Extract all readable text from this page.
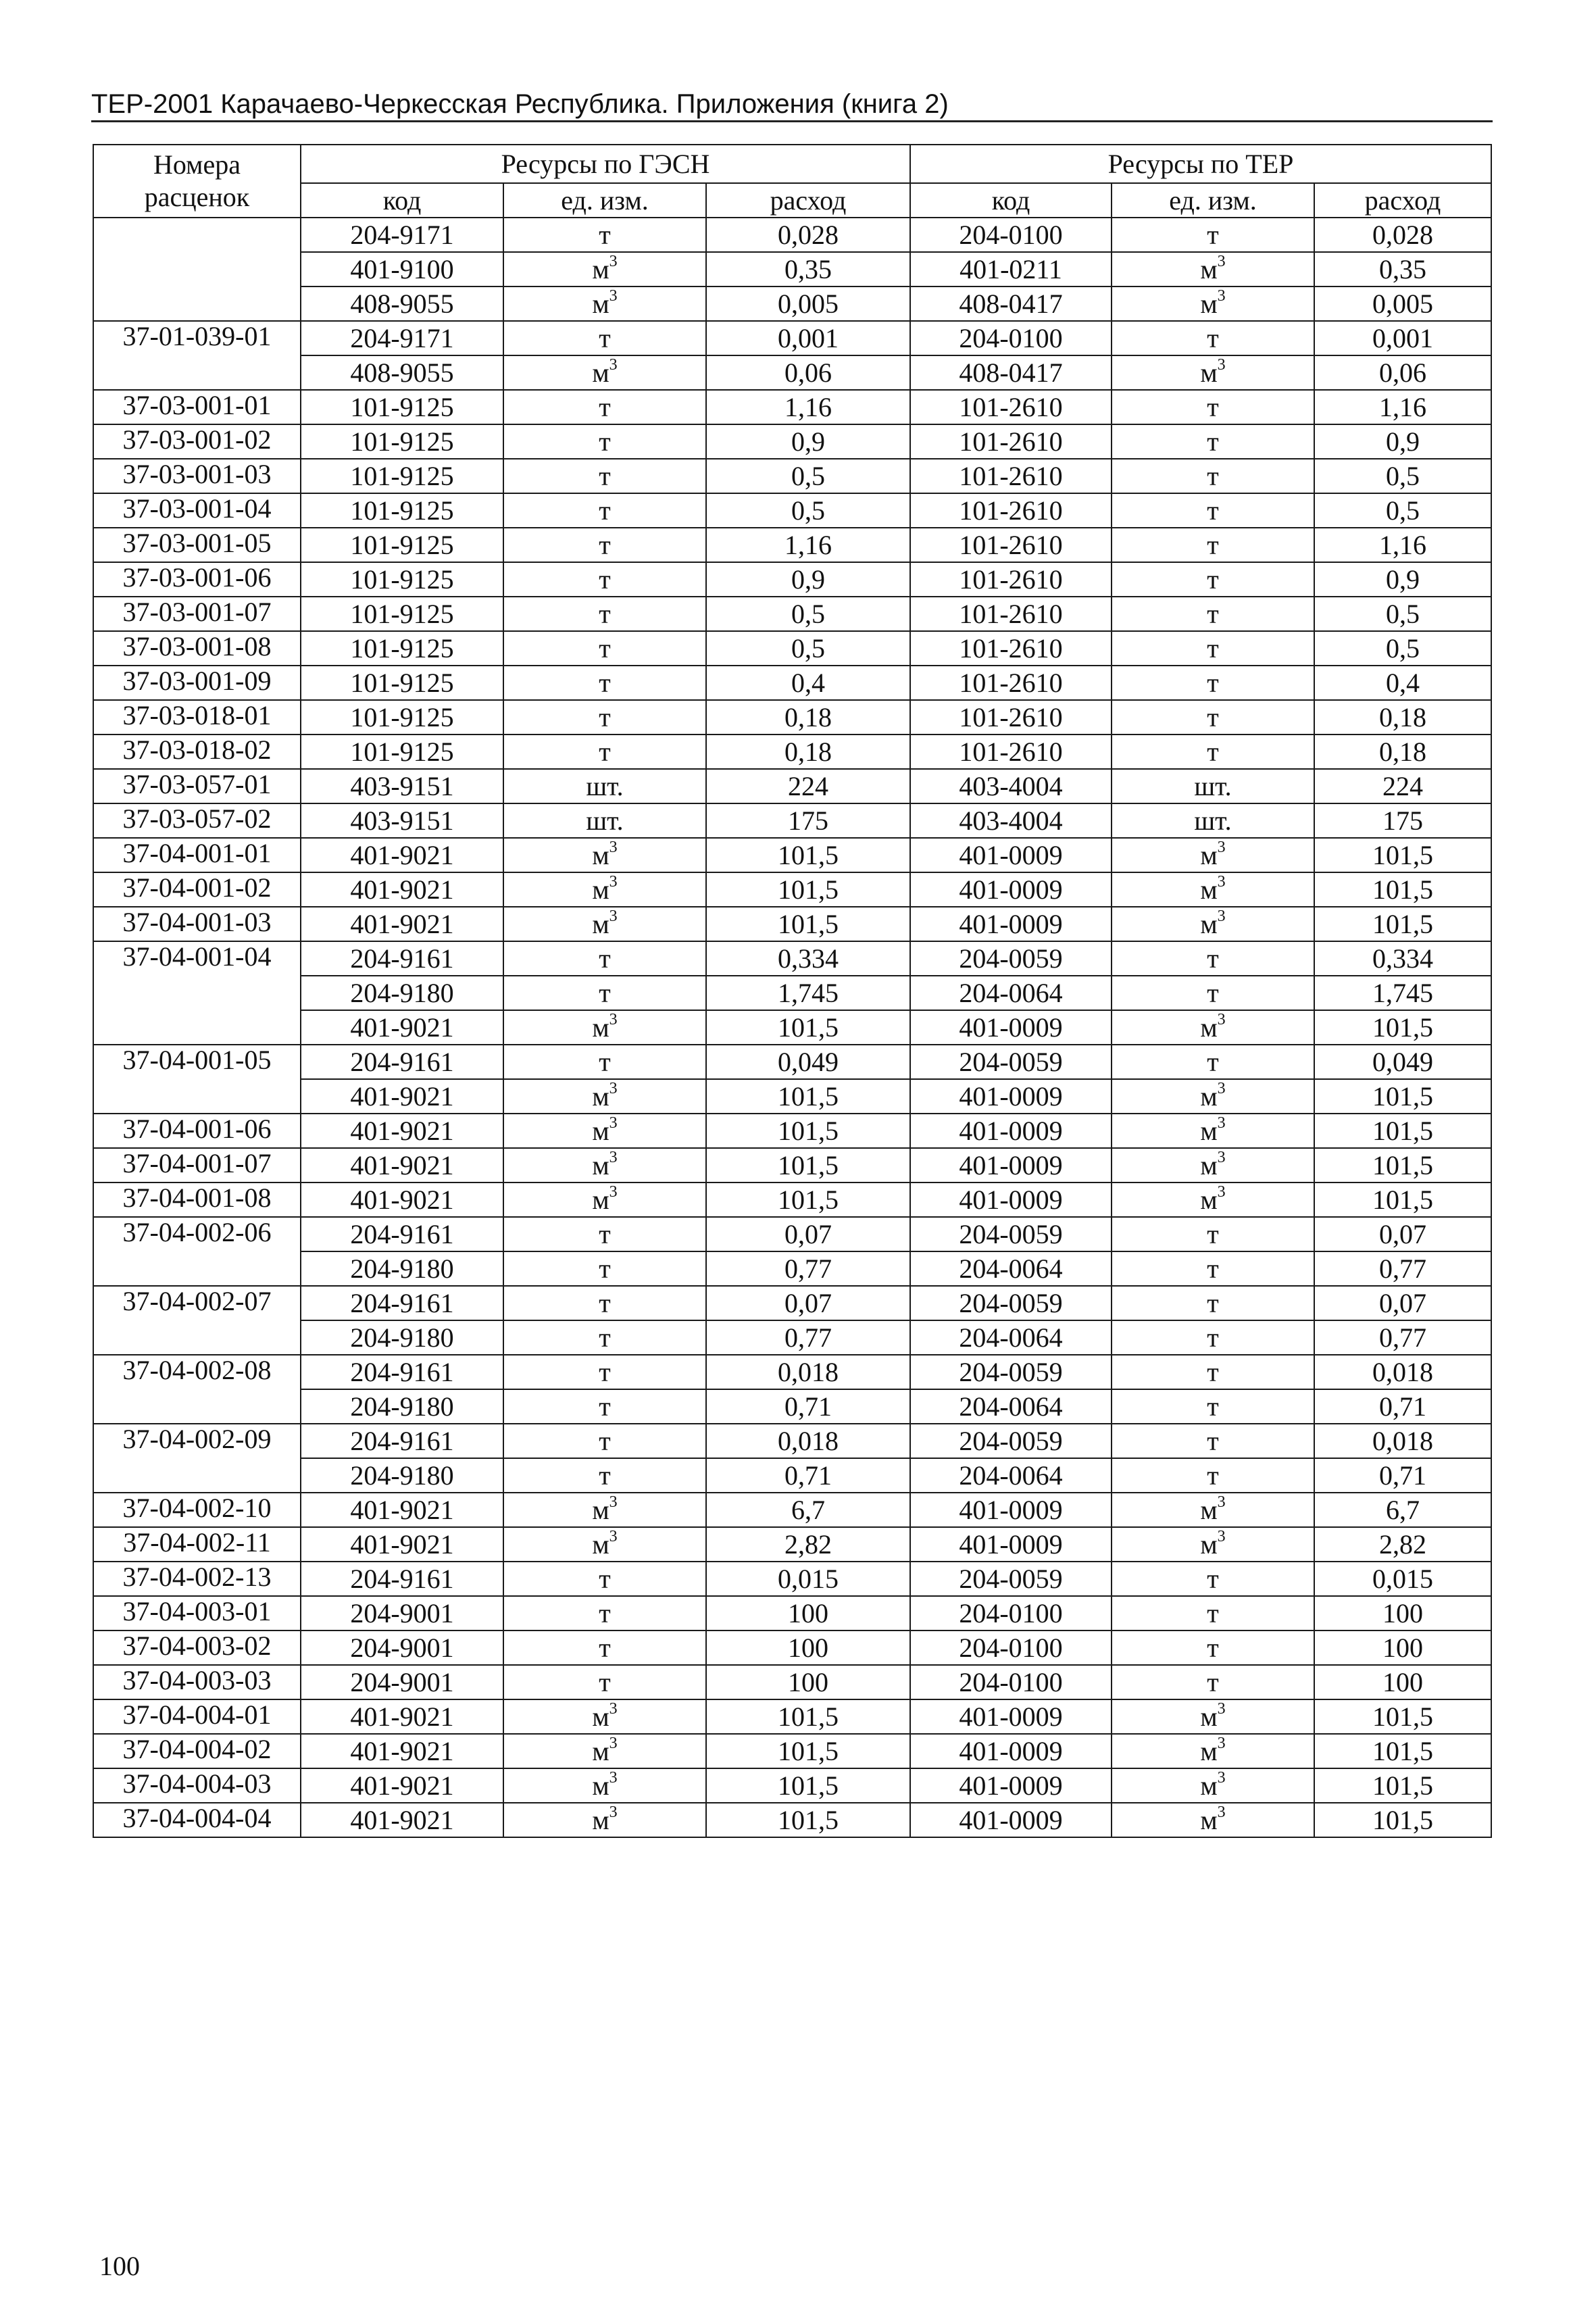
ТЕР-2001 Карачаево-Черкесская Республика. Приложения (книга 2)
Номера расценок	Ресурсы по ГЭСН			Ресурсы по ТЕР		
	код	ед. изм.	расход	код	ед. изм.	расход
	204-9171	т	0,028	204-0100	т	0,028
	401-9100	$м^3$	0,35	401-0211	$м^3$	0,35
	408-9055	$м^3$	0,005	408-0417	$м^3$	0,005
37-01-039-01	204-9171	т	0,001	204-0100	т	0,001
	408-9055	$м^3$	0,06	408-0417	$м^3$	0,06
37-03-001-01	101-9125	т	1,16	101-2610	т	1,16
37-03-001-02	101-9125	т	0,9	101-2610	т	0,9
37-03-001-03	101-9125	т	0,5	101-2610	т	0,5
37-03-001-04	101-9125	т	0,5	101-2610	т	0,5
37-03-001-05	101-9125	т	1,16	101-2610	т	1,16
37-03-001-06	101-9125	т	0,9	101-2610	т	0,9
37-03-001-07	101-9125	т	0,5	101-2610	т	0,5
37-03-001-08	101-9125	т	0,5	101-2610	т	0,5
37-03-001-09	101-9125	т	0,4	101-2610	т	0,4
37-03-018-01	101-9125	т	0,18	101-2610	т	0,18
37-03-018-02	101-9125	т	0,18	101-2610	т	0,18
37-03-057-01	403-9151	шт.	224	403-4004	шт.	224
37-03-057-02	403-9151	шт.	175	403-4004	шт.	175
37-04-001-01	401-9021	$м^3$	101,5	401-0009	$м^3$	101,5
37-04-001-02	401-9021	$м^3$	101,5	401-0009	$м^3$	101,5
37-04-001-03	401-9021	$м^3$	101,5	401-0009	$м^3$	101,5
37-04-001-04	204-9161	т	0,334	204-0059	т	0,334
	204-9180	т	1,745	204-0064	т	1,745
	401-9021	$м^3$	101,5	401-0009	$м^3$	101,5
37-04-001-05	204-9161	т	0,049	204-0059	т	0,049
	401-9021	$м^3$	101,5	401-0009	$м^3$	101,5
37-04-001-06	401-9021	$м^3$	101,5	401-0009	$м^3$	101,5
37-04-001-07	401-9021	$м^3$	101,5	401-0009	$м^3$	101,5
37-04-001-08	401-9021	$м^3$	101,5	401-0009	$м^3$	101,5
37-04-002-06	204-9161	т	0,07	204-0059	т	0,07
	204-9180	т	0,77	204-0064	т	0,77
37-04-002-07	204-9161	т	0,07	204-0059	т	0,07
	204-9180	т	0,77	204-0064	т	0,77
37-04-002-08	204-9161	т	0,018	204-0059	т	0,018
	204-9180	т	0,71	204-0064	т	0,71
37-04-002-09	204-9161	т	0,018	204-0059	т	0,018
	204-9180	т	0,71	204-0064	т	0,71
37-04-002-10	401-9021	$м^3$	6,7	401-0009	$м^3$	6,7
37-04-002-11	401-9021	$м^3$	2,82	401-0009	$м^3$	2,82
37-04-002-13	204-9161	т	0,015	204-0059	т	0,015
37-04-003-01	204-9001	т	100	204-0100	т	100
37-04-003-02	204-9001	т	100	204-0100	т	100
37-04-003-03	204-9001	т	100	204-0100	т	100
37-04-004-01	401-9021	$м^3$	101,5	401-0009	$м^3$	101,5
37-04-004-02	401-9021	$м^3$	101,5	401-0009	$м^3$	101,5
37-04-004-03	401-9021	$м^3$	101,5	401-0009	$м^3$	101,5
37-04-004-04	401-9021	$м^3$	101,5	401-0009	$м^3$	101,5
100
